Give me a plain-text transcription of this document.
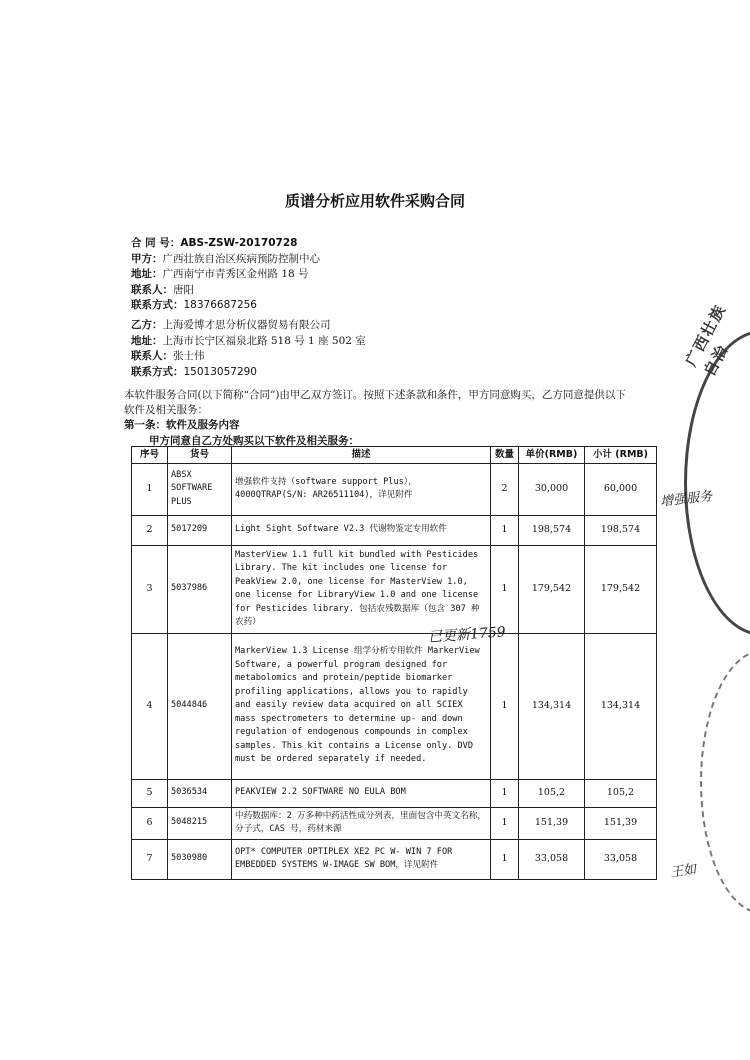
质谱分析应用软件采购合同
合 同 号：ABS-ZSW-20170728
甲方：广西壮族自治区疾病预防控制中心
地址：广西南宁市青秀区金州路 18 号
联系人：唐阳
联系方式：18376687256
乙方：上海爱博才思分析仪器贸易有限公司
地址：上海市长宁区福泉北路 518 号 1 座 502 室
联系人：张士伟
联系方式：15013057290
本软件服务合同(以下简称“合同”)由甲乙双方签订。按照下述条款和条件，甲方同意购买，乙方同意提供以下软件及相关服务：
第一条：软件及服务内容
甲方同意自乙方处购买以下软件及相关服务：
序号	货号	描述	数量	单价(RMB)	小计 (RMB)
1	ABSX SOFTWARE PLUS	增强软件支持（software support Plus），4000QTRAP(S/N: AR26511104)，详见附件	2	30,000	60,000
2	5017209	Light Sight Software V2.3 代谢物鉴定专用软件	1	198,574	198,574
3	5037986	MasterView 1.1 full kit bundled with Pesticides Library. The kit includes one license for PeakView 2.0, one license for MasterView 1.0, one license for LibraryView 1.0 and one license for Pesticides library. 包括农残数据库（包含 307 种农药）	1	179,542	179,542
4	5044846	MarkerView 1.3 License 组学分析专用软件 MarkerView Software, a powerful program designed for metabolomics and protein/peptide biomarker profiling applications, allows you to rapidly and easily review data acquired on all SCIEX mass spectrometers to determine up- and down regulation of endogenous compounds in complex samples. This kit contains a License only. DVD must be ordered separately if needed.	1	134,314	134,314
5	5036534	PEAKVIEW 2.2 SOFTWARE NO EULA BOM	1	105,2	105,2
6	5048215	中药数据库：2 万多种中药活性成分列表，里面包含中英文名称，分子式，CAS 号，药材来源	1	151,39	151,39
7	5030980	OPT* COMPUTER OPTIPLEX XE2 PC W- WIN 7 FOR EMBEDDED SYSTEMS W-IMAGE SW BOM，详见附件	1	33,058	33,058
广西壮族自治
已更新1759
增强服务
王如
